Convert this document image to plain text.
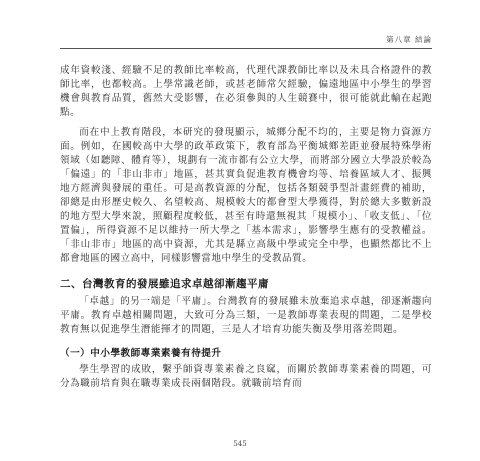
第八章 結論

成年資較淺、經驗不足的教師比率較高，代理代課教師比率以及未具合格證件的教師比率，也都較高。上學常識老師，或甚老師常欠經驗，偏遠地區中小學生的學習機會與教育品質，舊然大受影響，在必須參與的人生競賽中，很可能就此輸在起跑點。

而在中上教育階段，本研究的發現顯示，城鄉分配不均的，主要是物力資源方面。例如，在國較高中大學的政革政策下，教育部為平衡城鄉差距並發展特殊學術領域（如聽障、體育等），規劃有一流市都有公立大學，而將部分國立大學設於較為「偏遠」的「非山非市」地區，甚其實負促進教育機會均等、培養區域人才、振興地方經濟與發展的重任。可是高教資源的分配，包括各類競爭型計畫經費的補助，卻總是由形歷史較久、名望較高、規模較大的都會型大學獲得，對於總大多數新設的地方型大學來說，照顧程度較低，甚至有時還無視其「規模小」、「收支低」、「位置偏」，所得資源不足以維持一所大學之「基本需求」，影響學生應有的受教權益。「非山非市」地區的高中資源，尤其是縣立高級中學或完全中學，也顯然都比不上都會地區的國立高中，同樣影響當地中學生的受教品質。

二、台灣教育的發展雖追求卓越卻漸趨平庸

「卓越」的另一端是「平庸」。台灣教育的發展雖未放棄追求卓越，卻逐漸趨向平庸。教育卓越相關問題，大致可分為三類，一是教師專業表現的問題，二是學校教育無以促進學生潛能揮才的問題，三是人才培育功能失衡及學用落差問題。

（一）中小學教師專業素養有待提升

學生學習的成敗，繫乎師資專業素養之良窳，而關於教師專業素養的問題，可分為職前培育與在職專業成長兩個階段。就職前培育而

545
